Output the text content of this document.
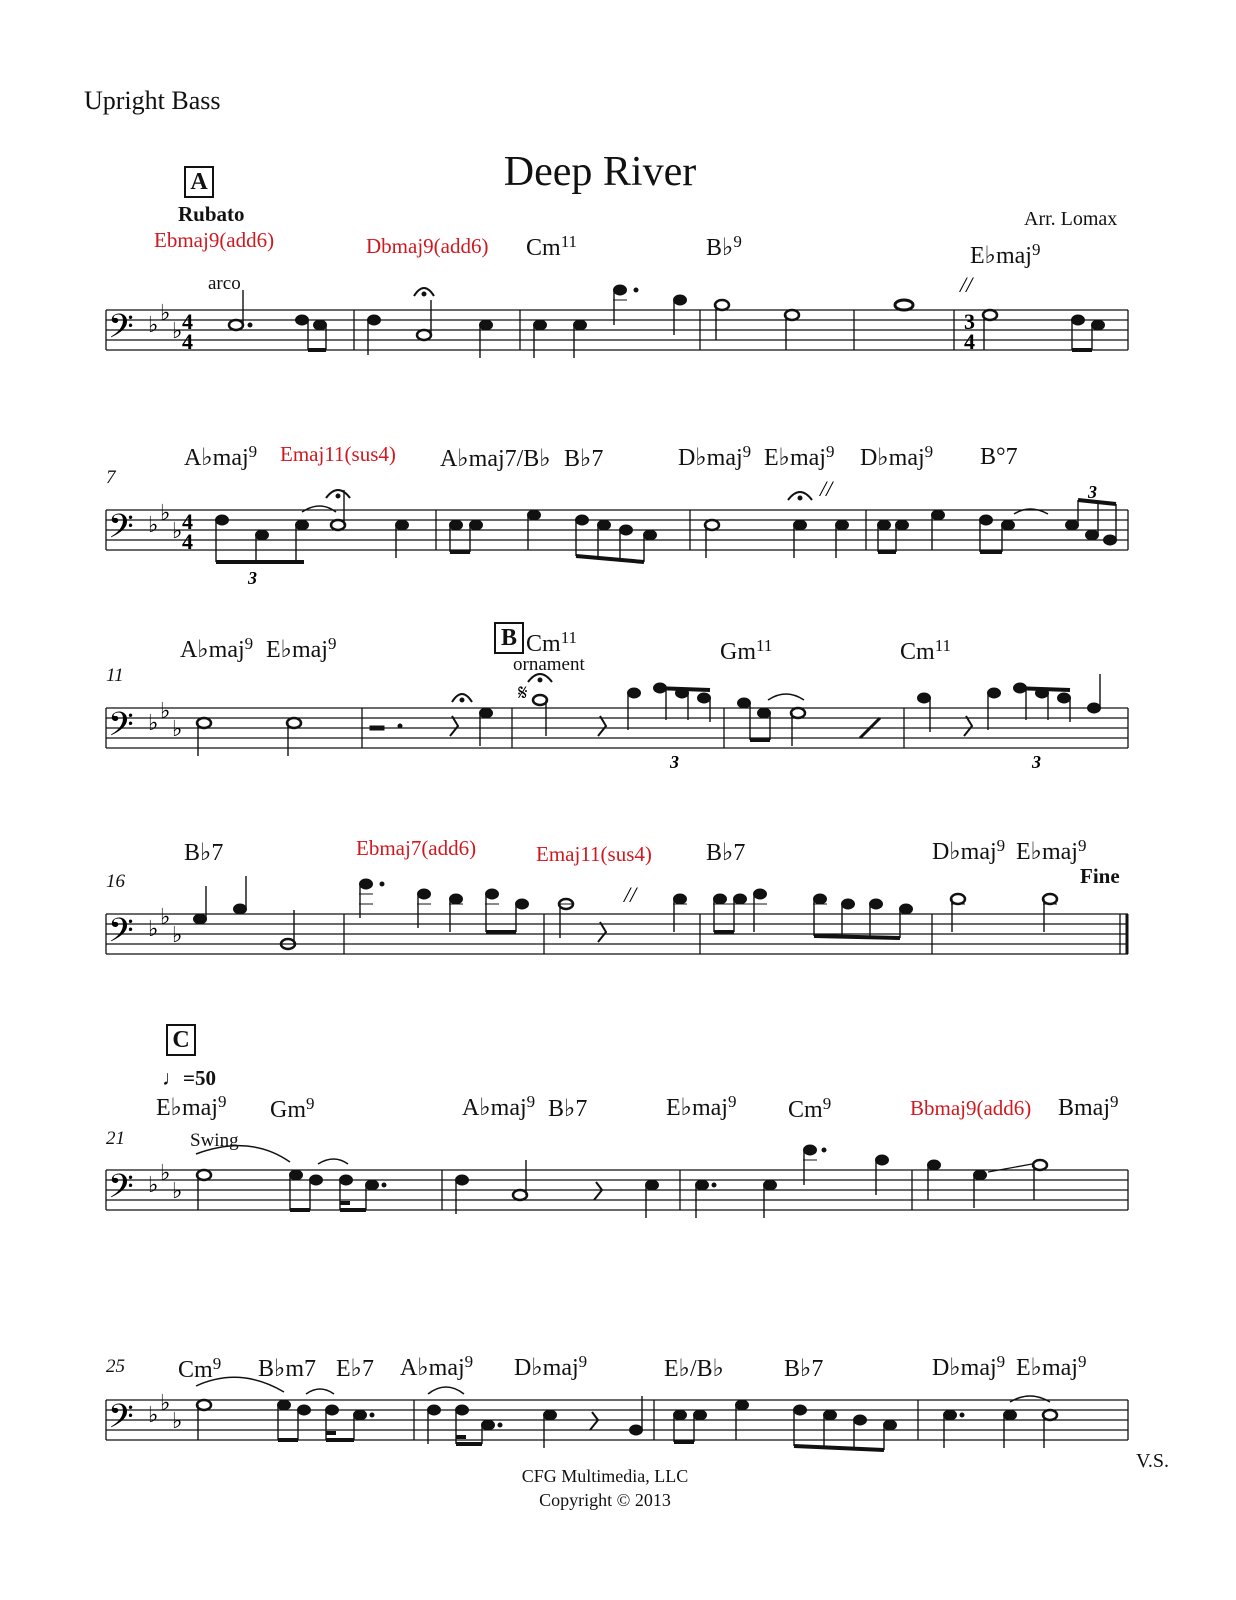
Upright Bass
Deep River
Arr. Lomax
A
Rubato
arco
B
ornament
C
♩=50
Swing
Fine
7
11
16
21
25
Ebmaj9(add6)	Dbmaj9(add6) Cm$^{11}$	B♭$^9$
E♭maj$^9$
A♭maj$^9$ Emaj11(sus4) A♭maj7/B♭ B♭7	D♭maj$^9$ E♭maj$^9$ D♭maj$^9$ B°7
A♭maj$^9$ E♭maj$^9$	Cm$^{11}$
Gm$^{11}$	Cm$^{11}$
B♭7	Ebmaj7(add6)	Emaj11(sus4) B♭7	D♭maj$^9$ E♭maj$^9$
E♭maj$^9$ Gm$^9$	A♭maj$^9$ B♭7	E♭maj$^9$ Cm$^9$	Bbmaj9(add6) Bmaj$^9$
Cm$^9$ B♭m7 E♭7 A♭maj$^9$ D♭maj$^9$	E♭/B♭	B♭7	D♭maj$^9$ E♭maj$^9$
𝄢 ♭ ♭
♭ 4
4
3
4
//
𝄢 ♭ ♭
♭ 4
4
3
3
//
𝄢 ♭ ♭
♭
𝄋
3	3
𝄢 ♭ ♭
♭
//
𝄢 ♭ ♭
♭
𝄢 ♭ ♭
♭
CFG Multimedia, LLC
Copyright © 2013
V.S.
